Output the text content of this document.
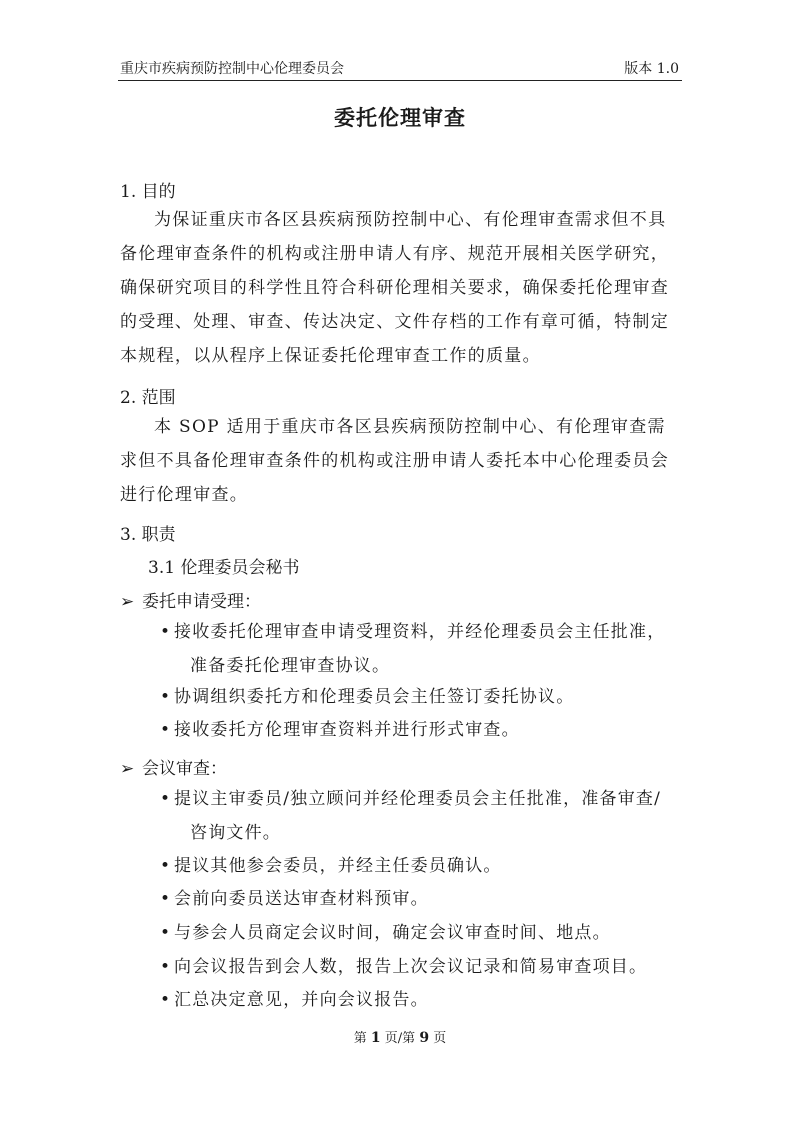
重庆市疾病预防控制中心伦理委员会	版本 1.0
委托伦理审查
1. 目的
为保证重庆市各区县疾病预防控制中心、有伦理审查需求但不具备伦理审查条件的机构或注册申请人有序、规范开展相关医学研究，确保研究项目的科学性且符合科研伦理相关要求，确保委托伦理审查的受理、处理、审查、传达决定、文件存档的工作有章可循，特制定本规程，以从程序上保证委托伦理审查工作的质量。
2. 范围
本 SOP 适用于重庆市各区县疾病预防控制中心、有伦理审查需求但不具备伦理审查条件的机构或注册申请人委托本中心伦理委员会进行伦理审查。
3. 职责
3.1 伦理委员会秘书
➢ 委托申请受理：
• 接收委托伦理审查申请受理资料，并经伦理委员会主任批准，
准备委托伦理审查协议。
• 协调组织委托方和伦理委员会主任签订委托协议。
• 接收委托方伦理审查资料并进行形式审查。
➢ 会议审查：
• 提议主审委员/独立顾问并经伦理委员会主任批准，准备审查/
咨询文件。
• 提议其他参会委员，并经主任委员确认。
• 会前向委员送达审查材料预审。
• 与参会人员商定会议时间，确定会议审查时间、地点。
• 向会议报告到会人数，报告上次会议记录和简易审查项目。
• 汇总决定意见，并向会议报告。
第 1 页/第 9 页
